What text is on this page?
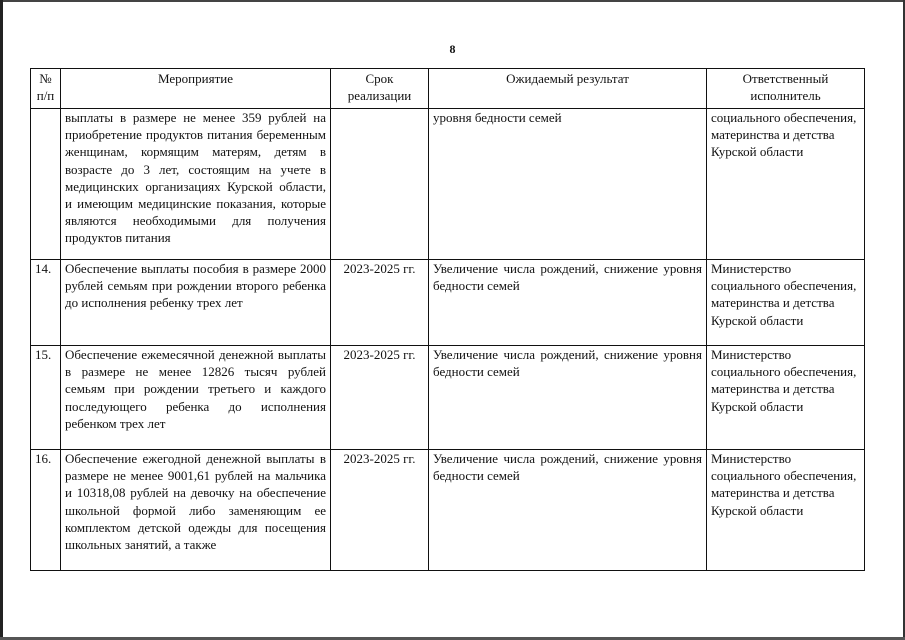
8
№ п/п	Мероприятие	Срок реализации	Ожидаемый результат	Ответственный исполнитель
	выплаты в размере не менее 359 рублей на приобретение продуктов питания беременным женщинам, кормящим матерям, детям в возрасте до 3 лет, состоящим на учете в медицинских организациях Курской области, и имеющим медицинские показания, которые являются необходимыми для получения продуктов питания		уровня бедности семей	социального обеспечения, материнства и детства Курской области
14.	Обеспечение выплаты пособия в размере 2000 рублей семьям при рождении второго ребенка до исполнения ребенку трех лет	2023-2025 гг.	Увеличение числа рождений, снижение уровня бедности семей	Министерство социального обеспечения, материнства и детства Курской области
15.	Обеспечение ежемесячной денежной выплаты в размере не менее 12826 тысяч рублей семьям при рождении третьего и каждого последующего ребенка до исполнения ребенком трех лет	2023-2025 гг.	Увеличение числа рождений, снижение уровня бедности семей	Министерство социального обеспечения, материнства и детства Курской области
16.	Обеспечение ежегодной денежной выплаты в размере не менее 9001,61 рублей на мальчика и 10318,08 рублей на девочку на обеспечение школьной формой либо заменяющим ее комплектом детской одежды для посещения школьных занятий, а также	2023-2025 гг.	Увеличение числа рождений, снижение уровня бедности семей	Министерство социального обеспечения, материнства и детства Курской области
